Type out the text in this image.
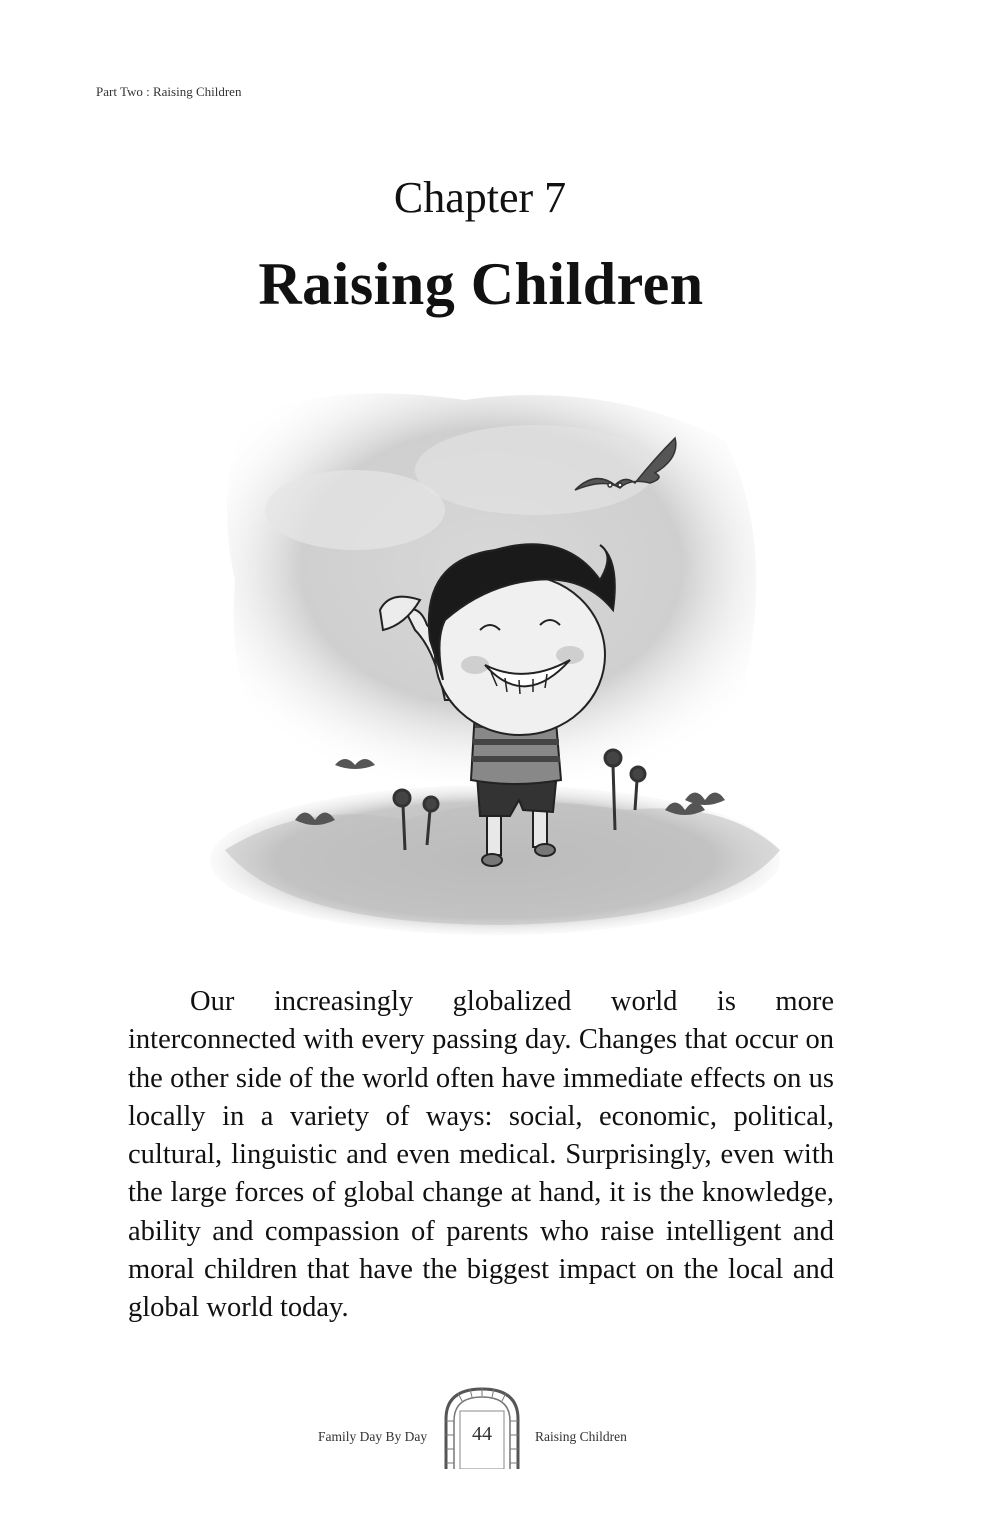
Part Two : Raising Children
Chapter 7
Raising Children

Our increasingly globalized world is more interconnected with every passing day. Changes that occur on the other side of the world often have immediate effects on us locally in a variety of ways: social, economic, political, cultural, linguistic and even medical. Surprisingly, even with the large forces of global change at hand, it is the knowledge, ability and compassion of parents who raise intelligent and moral children that have the biggest impact on the local and global world today.

Family Day By Day	44	Raising Children
